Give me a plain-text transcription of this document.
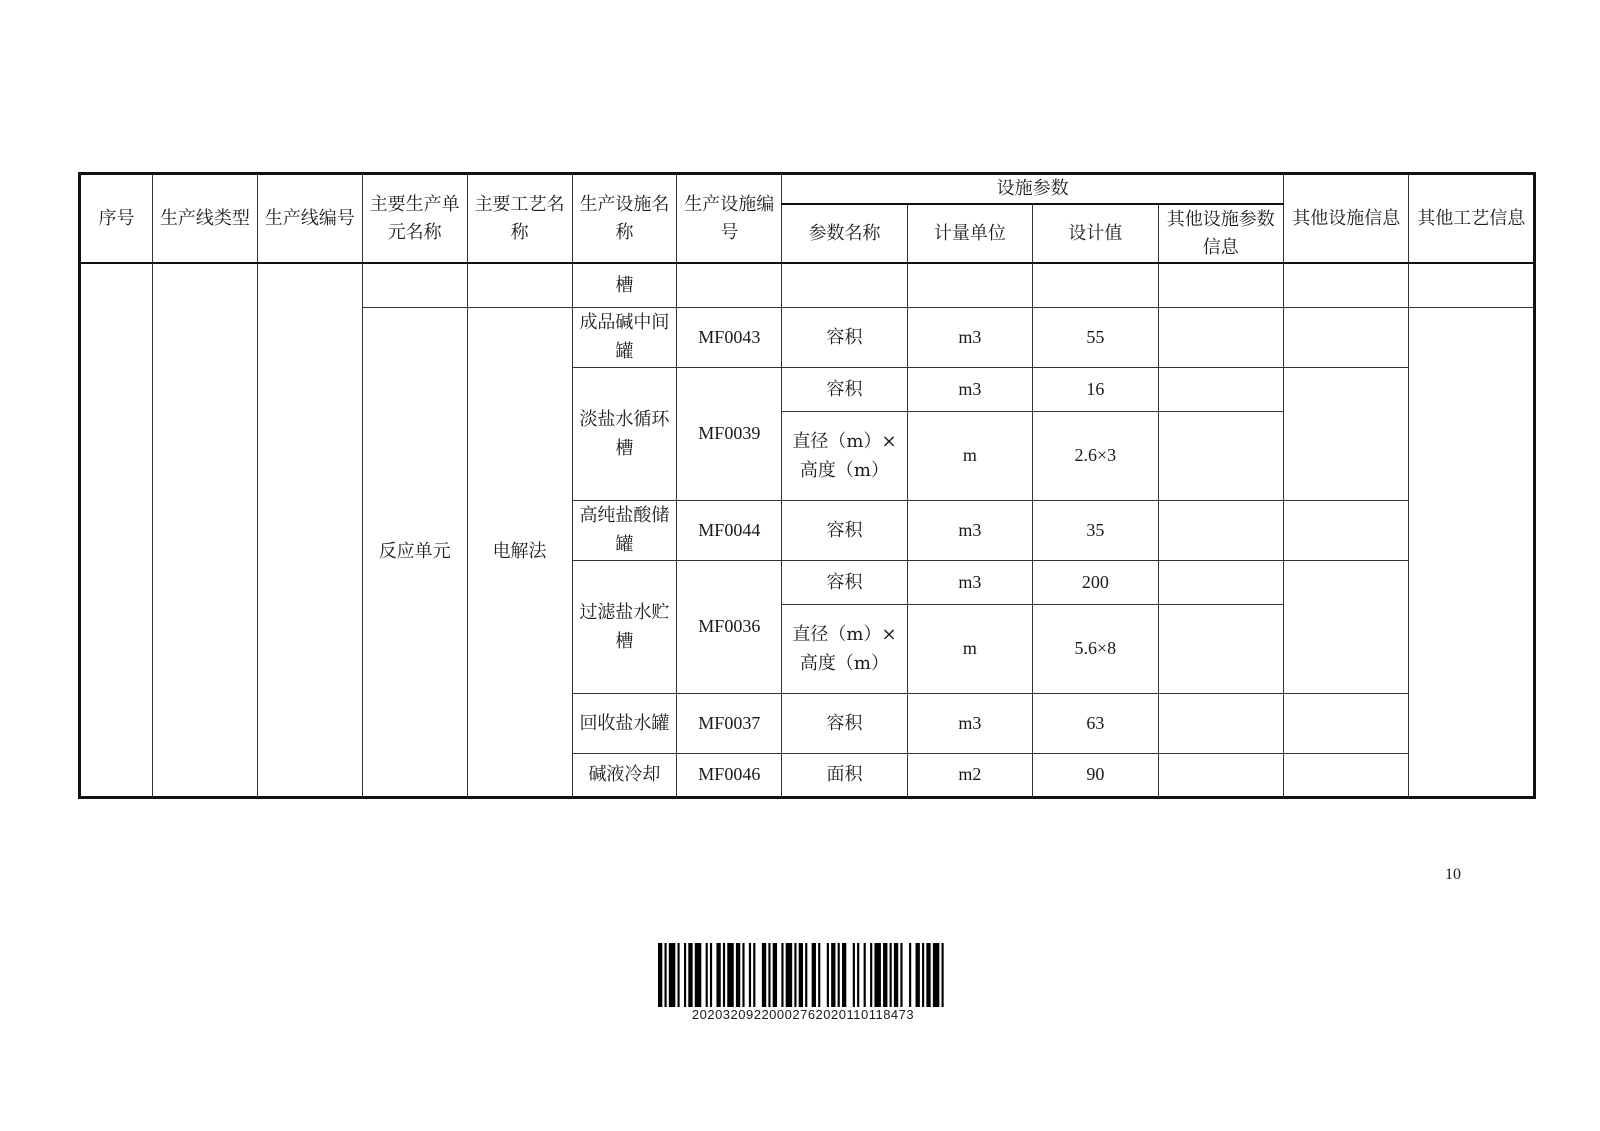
序号	生产线类型	生产线编号	主要生产单元名称	主要工艺名称	生产设施名称	生产设施编号	设施参数				其他设施信息	其他工艺信息
							参数名称	计量单位	设计值	其他设施参数信息		
					槽							
			反应单元	电解法	成品碱中间罐	MF0043	容积	m3	55			
					淡盐水循环槽	MF0039	容积	m3	16			
							直径（m）×高度（m）	m	2.6×3			
					高纯盐酸储罐	MF0044	容积	m3	35			
					过滤盐水贮槽	MF0036	容积	m3	200			
							直径（m）×高度（m）	m	5.6×8			
					回收盐水罐	MF0037	容积	m3	63			
					碱液冷却	MF0046	面积	m2	90			
10
20203209220002762020110118473
